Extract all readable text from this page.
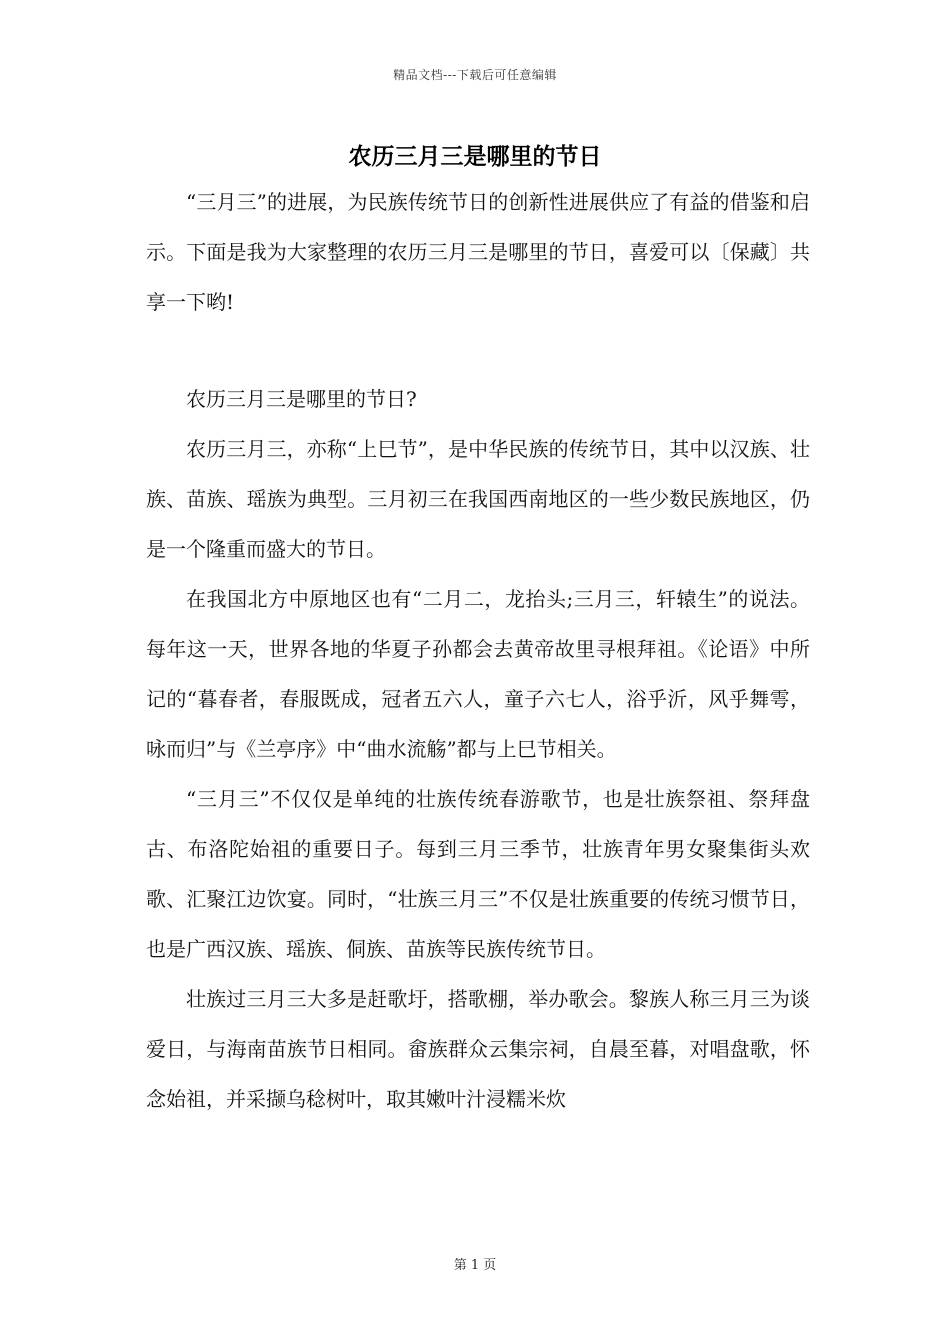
精品文档---下载后可任意编辑
农历三月三是哪里的节日

“三月三”的进展，为民族传统节日的创新性进展供应了有益的借鉴和启示。下面是我为大家整理的农历三月三是哪里的节日，喜爱可以〔保藏〕共享一下哟!

农历三月三是哪里的节日?

农历三月三，亦称“上巳节”，是中华民族的传统节日，其中以汉族、壮族、苗族、瑶族为典型。三月初三在我国西南地区的一些少数民族地区，仍是一个隆重而盛大的节日。

在我国北方中原地区也有“二月二，龙抬头;三月三，轩辕生”的说法。每年这一天，世界各地的华夏子孙都会去黄帝故里寻根拜祖。《论语》中所记的“暮春者，春服既成，冠者五六人，童子六七人，浴乎沂，风乎舞雩，咏而归”与《兰亭序》中“曲水流觞”都与上巳节相关。

“三月三”不仅仅是单纯的壮族传统春游歌节，也是壮族祭祖、祭拜盘古、布洛陀始祖的重要日子。每到三月三季节，壮族青年男女聚集街头欢歌、汇聚江边饮宴。同时，“壮族三月三”不仅是壮族重要的传统习惯节日，也是广西汉族、瑶族、侗族、苗族等民族传统节日。

壮族过三月三大多是赶歌圩，搭歌棚，举办歌会。黎族人称三月三为谈爱日，与海南苗族节日相同。畲族群众云集宗祠，自晨至暮，对唱盘歌，怀念始祖，并采撷乌稔树叶，取其嫩叶汁浸糯米炊

第 1 页
